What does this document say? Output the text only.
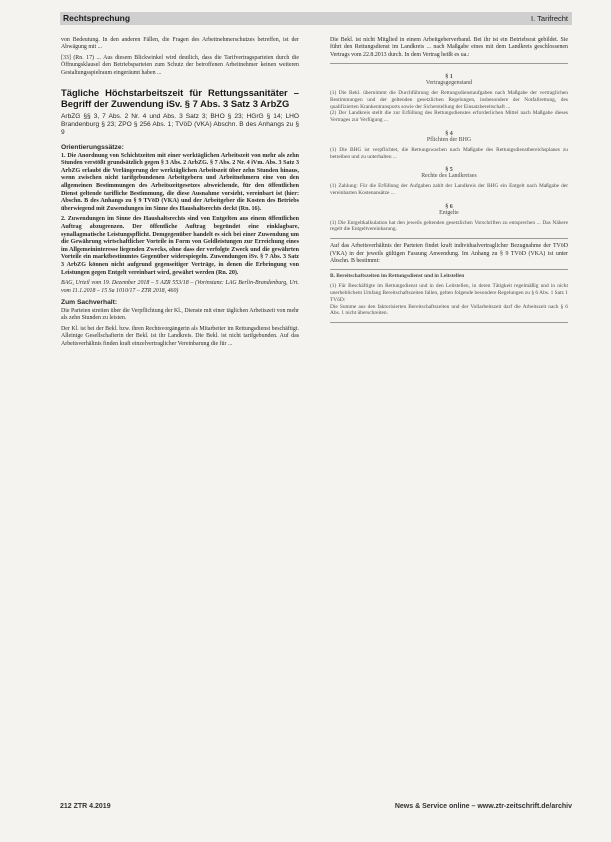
Rechtsprechung	I. Tarifrecht

von Bedeutung. In den anderen Fällen, die Fragen des Arbeitnehmerschutzes betreffen, ist der Abwägung mit ...

[33] (Rn. 17) ... Aus diesem Blickwinkel wird deutlich, dass die Tarifvertragsparteien durch die Öffnungsklausel den Betriebsparteien zum Schutz der betroffenen Arbeitnehmer keinen weiteren Gestaltungsspielraum eingeräumt haben ...

Tägliche Höchstarbeitszeit für Rettungssanitäter – Begriff der Zuwendung iSv. § 7 Abs. 3 Satz 3 ArbZG
ArbZG §§ 3, 7 Abs. 2 Nr. 4 und Abs. 3 Satz 3; BHO § 23; HGrG § 14; LHO Brandenburg § 23; ZPO § 256 Abs. 1; TVöD (VKA) Abschn. B des Anhangs zu § 9
Orientierungssätze:

1. Die Anordnung von Schichtzeiten mit einer werktäglichen Arbeitszeit von mehr als zehn Stunden verstößt grundsätzlich gegen § 3 Abs. 2 ArbZG. § 7 Abs. 2 Nr. 4 iVm. Abs. 3 Satz 3 ArbZG erlaubt die Verlängerung der werktäglichen Arbeitszeit über zehn Stunden hinaus, wenn zwischen nicht tarifgebundenen Arbeitgebern und Arbeitnehmern eine von den allgemeinen Bestimmungen des Arbeitszeitgesetzes abweichende, für den öffentlichen Dienst geltende tarifliche Bestimmung, die diese Ausnahme vorsieht, vereinbart ist (hier: Abschn. B des Anhangs zu § 9 TVöD (VKA) und der Arbeitgeber die Kosten des Betriebs überwiegend mit Zuwendungen im Sinne des Haushaltsrechts deckt (Rn. 16).

2. Zuwendungen im Sinne des Haushaltsrechts sind von Entgelten aus einem öffentlichen Auftrag abzugrenzen. Der öffentliche Auftrag begründet eine einklagbare, synallagmatische Leistungspflicht. Demgegenüber handelt es sich bei einer Zuwendung um die Gewährung wirtschaftlicher Vorteile in Form von Geldleistungen zur Erreichung eines im Allgemeininteresse liegenden Zwecks, ohne dass der verfolgte Zweck und die gewährten Vorteile ein marktbestimmtes Gegenüber widerspiegeln. Zuwendungen iSv. § 7 Abs. 3 Satz 3 ArbZG können nicht aufgrund gegenseitiger Verträge, in denen die Erbringung von Leistungen gegen Entgelt vereinbart wird, gewährt werden (Rn. 20).

BAG, Urteil vom 19. Dezember 2018 – 5 AZR 553/18 – (Vorinstanz: LAG Berlin-Brandenburg, Urt. vom 11.1.2018 – 15 Sa 1010/17 – ZTR 2018, 460)

Zum Sachverhalt:

Die Parteien streiten über die Verpflichtung der Kl., Dienste mit einer täglichen Arbeitszeit von mehr als zehn Stunden zu leisten.

Der Kl. ist bei der Bekl. bzw. ihren Rechtsvorgängerin als Mitarbeiter im Rettungsdienst beschäftigt. Alleinige Gesellschafterin der Bekl. ist ihr Landkreis. Die Bekl. ist nicht tarifgebunden. Auf das Arbeitsverhältnis finden kraft einzelvertraglicher Vereinbarung die für ...

Die Bekl. ist nicht Mitglied in einem Arbeitgeberverband. Bei ihr ist ein Betriebsrat gebildet. Sie führt den Rettungsdienst im Landkreis ... nach Maßgabe eines mit dem Landkreis geschlossenen Vertrags vom 22.8.2013 durch. In dem Vertrag heißt es ua.:

§ 1
Vertragsgegenstand

(1) Die Bekl. übernimmt die Durchführung der Rettungsdienstaufgaben nach Maßgabe der vertraglichen Bestimmungen und der geltenden gesetzlichen Regelungen, insbesondere der Notfallrettung, des qualifizierten Krankentransports sowie der Sicherstellung der Einsatzbereitschaft ...
(2) Der Landkreis stellt die zur Erfüllung des Rettungsdienstes erforderlichen Mittel nach Maßgabe dieses Vertrages zur Verfügung ...

§ 4
Pflichten der BHG

(1) Die BHG ist verpflichtet, die Rettungswachen nach Maßgabe des Rettungsdienstbereichsplanes zu betreiben und zu unterhalten ...

§ 5
Rechte des Landkreises

(1) Zahlung: Für die Erfüllung der Aufgaben zahlt der Landkreis der BHG ein Entgelt nach Maßgabe der vereinbarten Kostenansätze ...

§ 6
Entgelte

(1) Die Entgeltkalkulation hat den jeweils geltenden gesetzlichen Vorschriften zu entsprechen ... Das Nähere regelt die Entgeltvereinbarung.

Auf das Arbeitsverhältnis der Parteien findet kraft individualvertraglicher Bezugnahme der TVöD (VKA) in der jeweils gültigen Fassung Anwendung. Im Anhang zu § 9 TVöD (VKA) ist unter Abschn. B bestimmt:

B. Bereitschaftszeiten im Rettungsdienst und in Leitstellen

(1) Für Beschäftigte im Rettungsdienst und in den Leitstellen, in deren Tätigkeit regelmäßig und in nicht unerheblichem Umfang Bereitschaftszeiten fallen, gelten folgende besondere Regelungen zu § 6 Abs. 1 Satz 1 TVöD:
Die Summe aus den faktorisierten Bereitschaftszeiten und der Vollarbeitszeit darf die Arbeitszeit nach § 6 Abs. 1 nicht überschreiten.

212 ZTR 4.2019	News & Service online – www.ztr-zeitschrift.de/archiv
